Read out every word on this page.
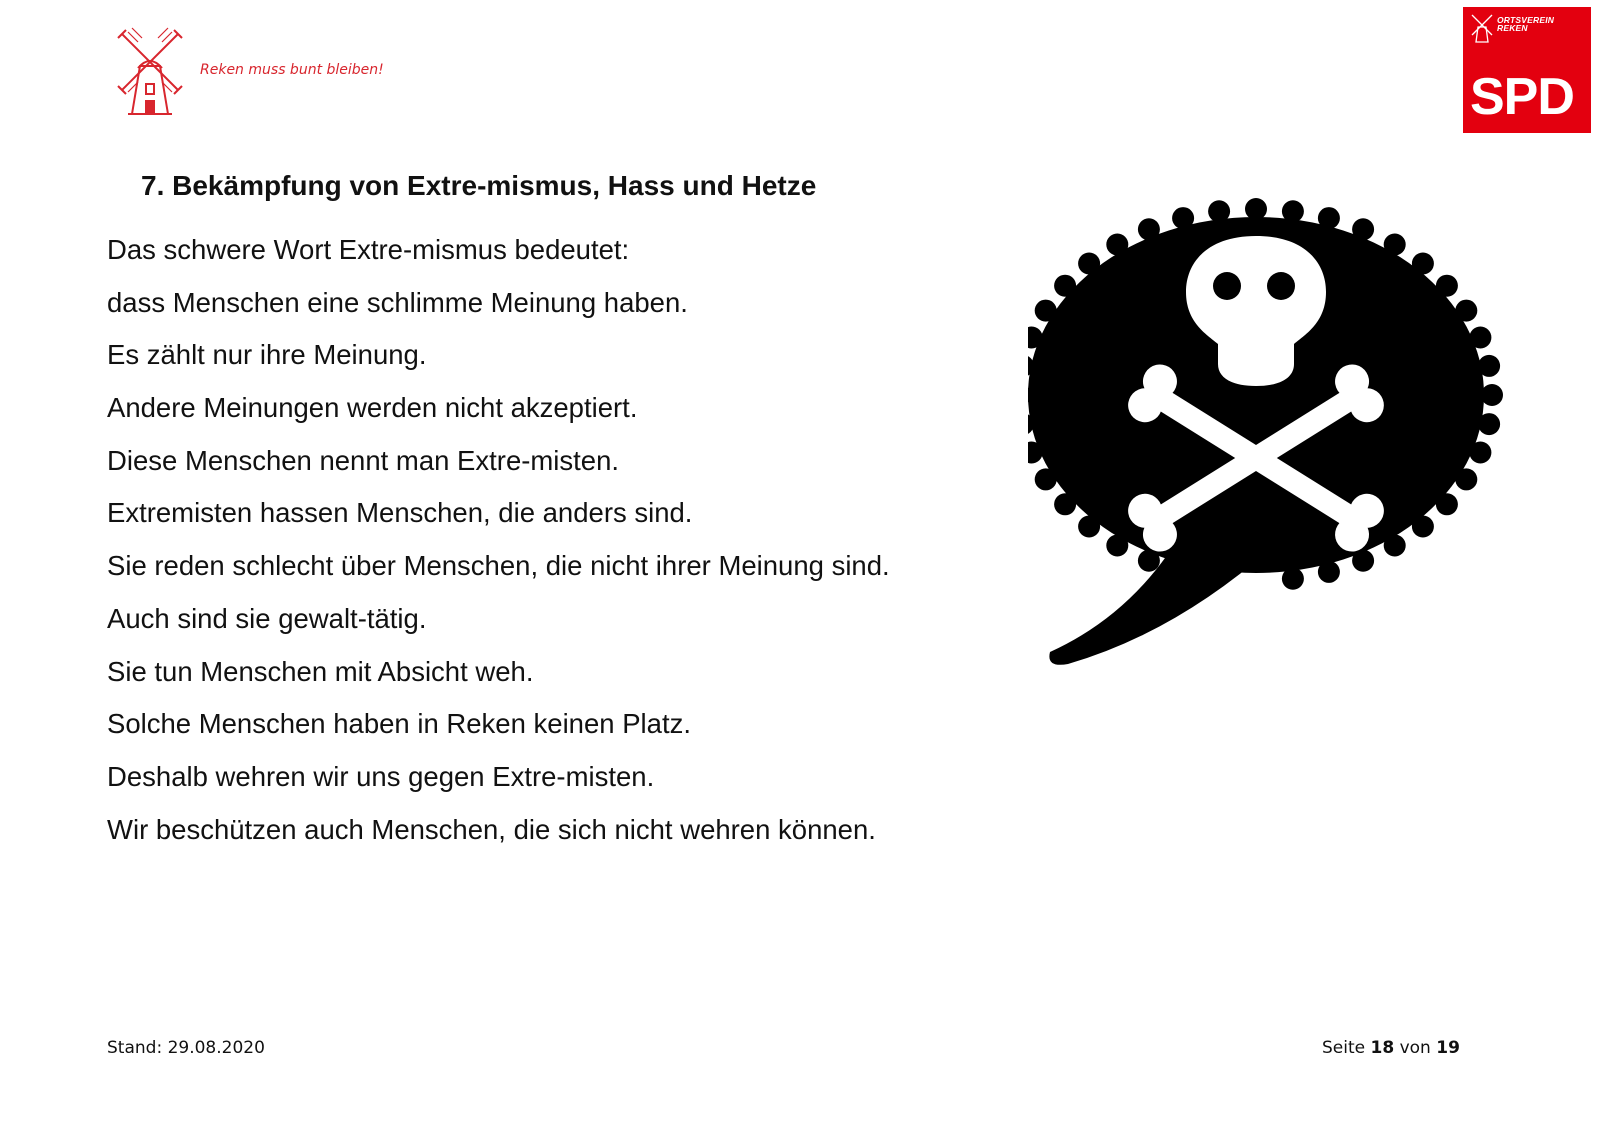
Reken muss bunt bleiben!
ORTSVEREIN
REKEN
SPD
7. Bekämpfung von Extre-mismus, Hass und Hetze
Das schwere Wort Extre-mismus bedeutet:
dass Menschen eine schlimme Meinung haben.
Es zählt nur ihre Meinung.
Andere Meinungen werden nicht akzeptiert.
Diese Menschen nennt man Extre-misten.
Extremisten hassen Menschen, die anders sind.
Sie reden schlecht über Menschen, die nicht ihrer Meinung sind.
Auch sind sie gewalt-tätig.
Sie tun Menschen mit Absicht weh.
Solche Menschen haben in Reken keinen Platz.
Deshalb wehren wir uns gegen Extre-misten.
Wir beschützen auch Menschen, die sich nicht wehren können.
Stand: 29.08.2020	Seite 18 von 19
